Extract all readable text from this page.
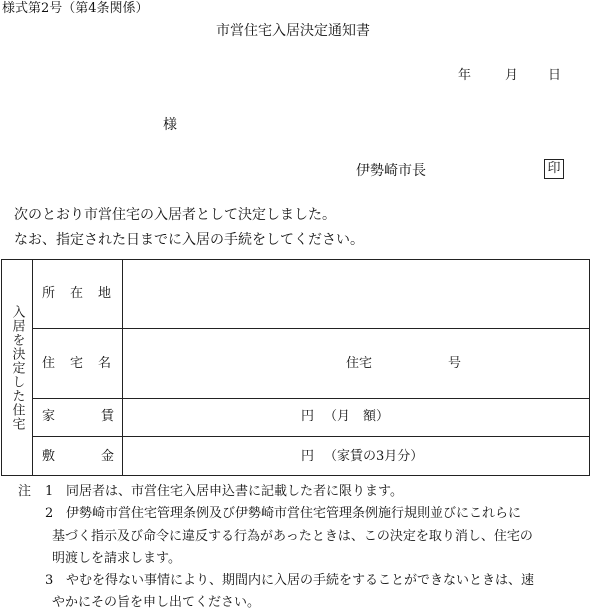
様式第2号（第4条関係）
市営住宅入居決定通知書
年	月 日
様
伊勢崎市長	印
次のとおり市営住宅の入居者として決定しました。
なお、指定された日までに入居の手続をしてください。
入居を決定した住宅
所在地
住宅名	住宅	号
家賃	円 （月　額）
敷金	円 （家賃の3月分）
注 1 同居者は、市営住宅入居申込書に記載した者に限ります。
2 伊勢崎市営住宅管理条例及び伊勢崎市営住宅管理条例施行規則並びにこれらに
基づく指示及び命令に違反する行為があったときは、この決定を取り消し、住宅の
明渡しを請求します。
3 やむを得ない事情により、期間内に入居の手続をすることができないときは、速
やかにその旨を申し出てください。
